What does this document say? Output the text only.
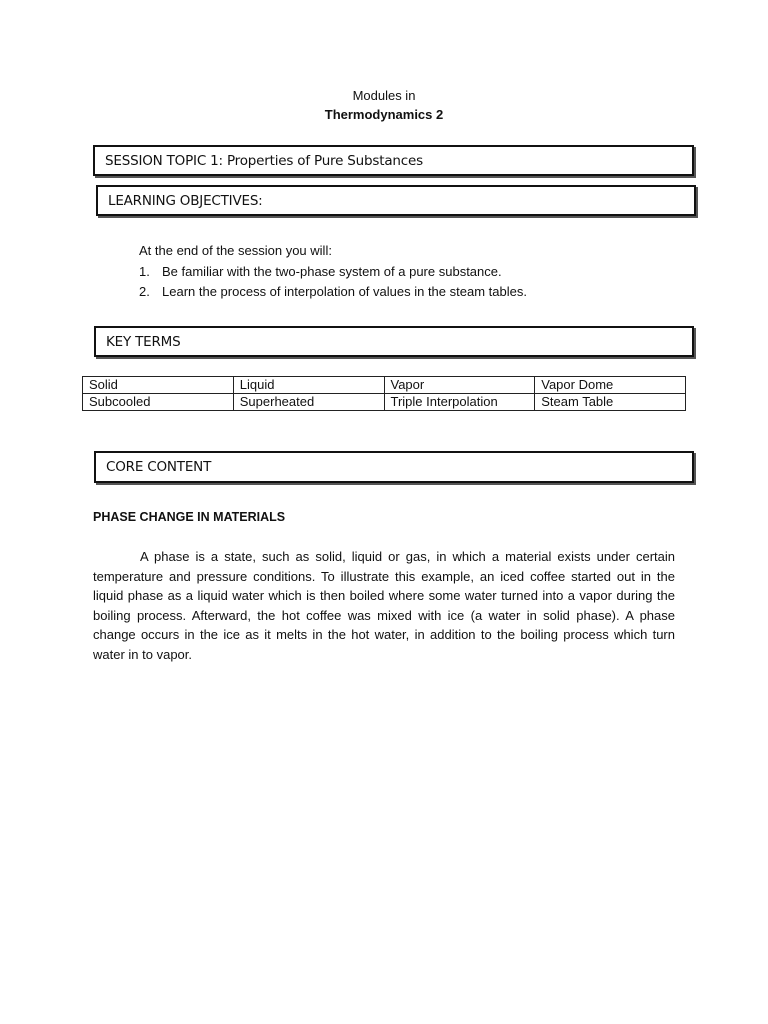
Modules in
Thermodynamics 2
SESSION TOPIC 1: Properties of Pure Substances
LEARNING OBJECTIVES:
At the end of the session you will:
1. Be familiar with the two-phase system of a pure substance.
2. Learn the process of interpolation of values in the steam tables.
KEY TERMS
Solid	Liquid	Vapor	Vapor Dome
Subcooled	Superheated	Triple Interpolation	Steam Table
CORE CONTENT
PHASE CHANGE IN MATERIALS

A phase is a state, such as solid, liquid or gas, in which a material exists under certain temperature and pressure conditions. To illustrate this example, an iced coffee started out in the liquid phase as a liquid water which is then boiled where some water turned into a vapor during the boiling process. Afterward, the hot coffee was mixed with ice (a water in solid phase). A phase change occurs in the ice as it melts in the hot water, in addition to the boiling process which turn water in to vapor.
